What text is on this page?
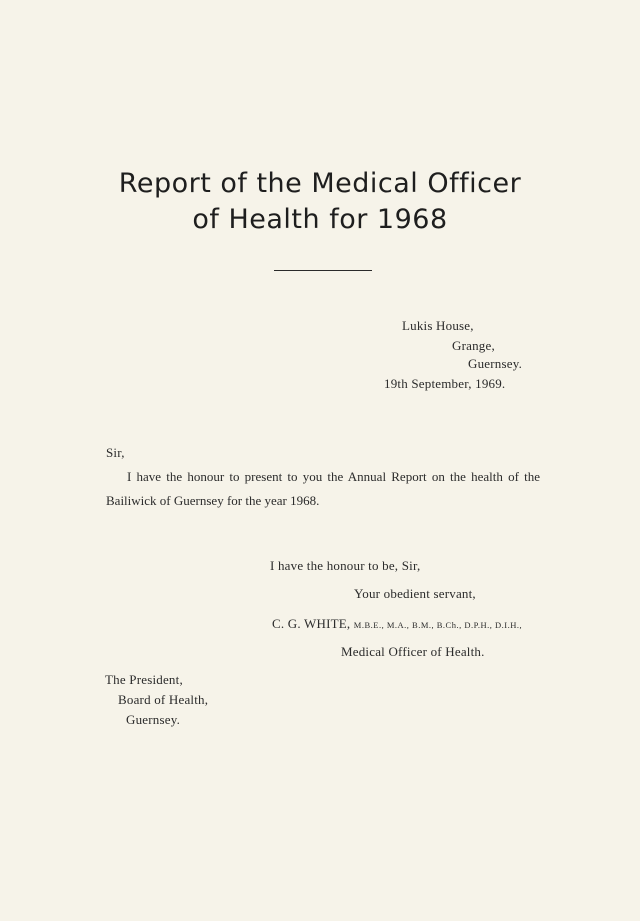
Report of the Medical Officer
of Health for 1968
Lukis House,
Grange,
Guernsey.
19th September, 1969.
Sir,
I have the honour to present to you the Annual Report on the health of the
Bailiwick of Guernsey for the year 1968.
I have the honour to be, Sir,
Your obedient servant,
C. G. WHITE, M.B.E., M.A., B.M., B.Ch., D.P.H., D.I.H.,
Medical Officer of Health.
The President,
Board of Health,
Guernsey.
